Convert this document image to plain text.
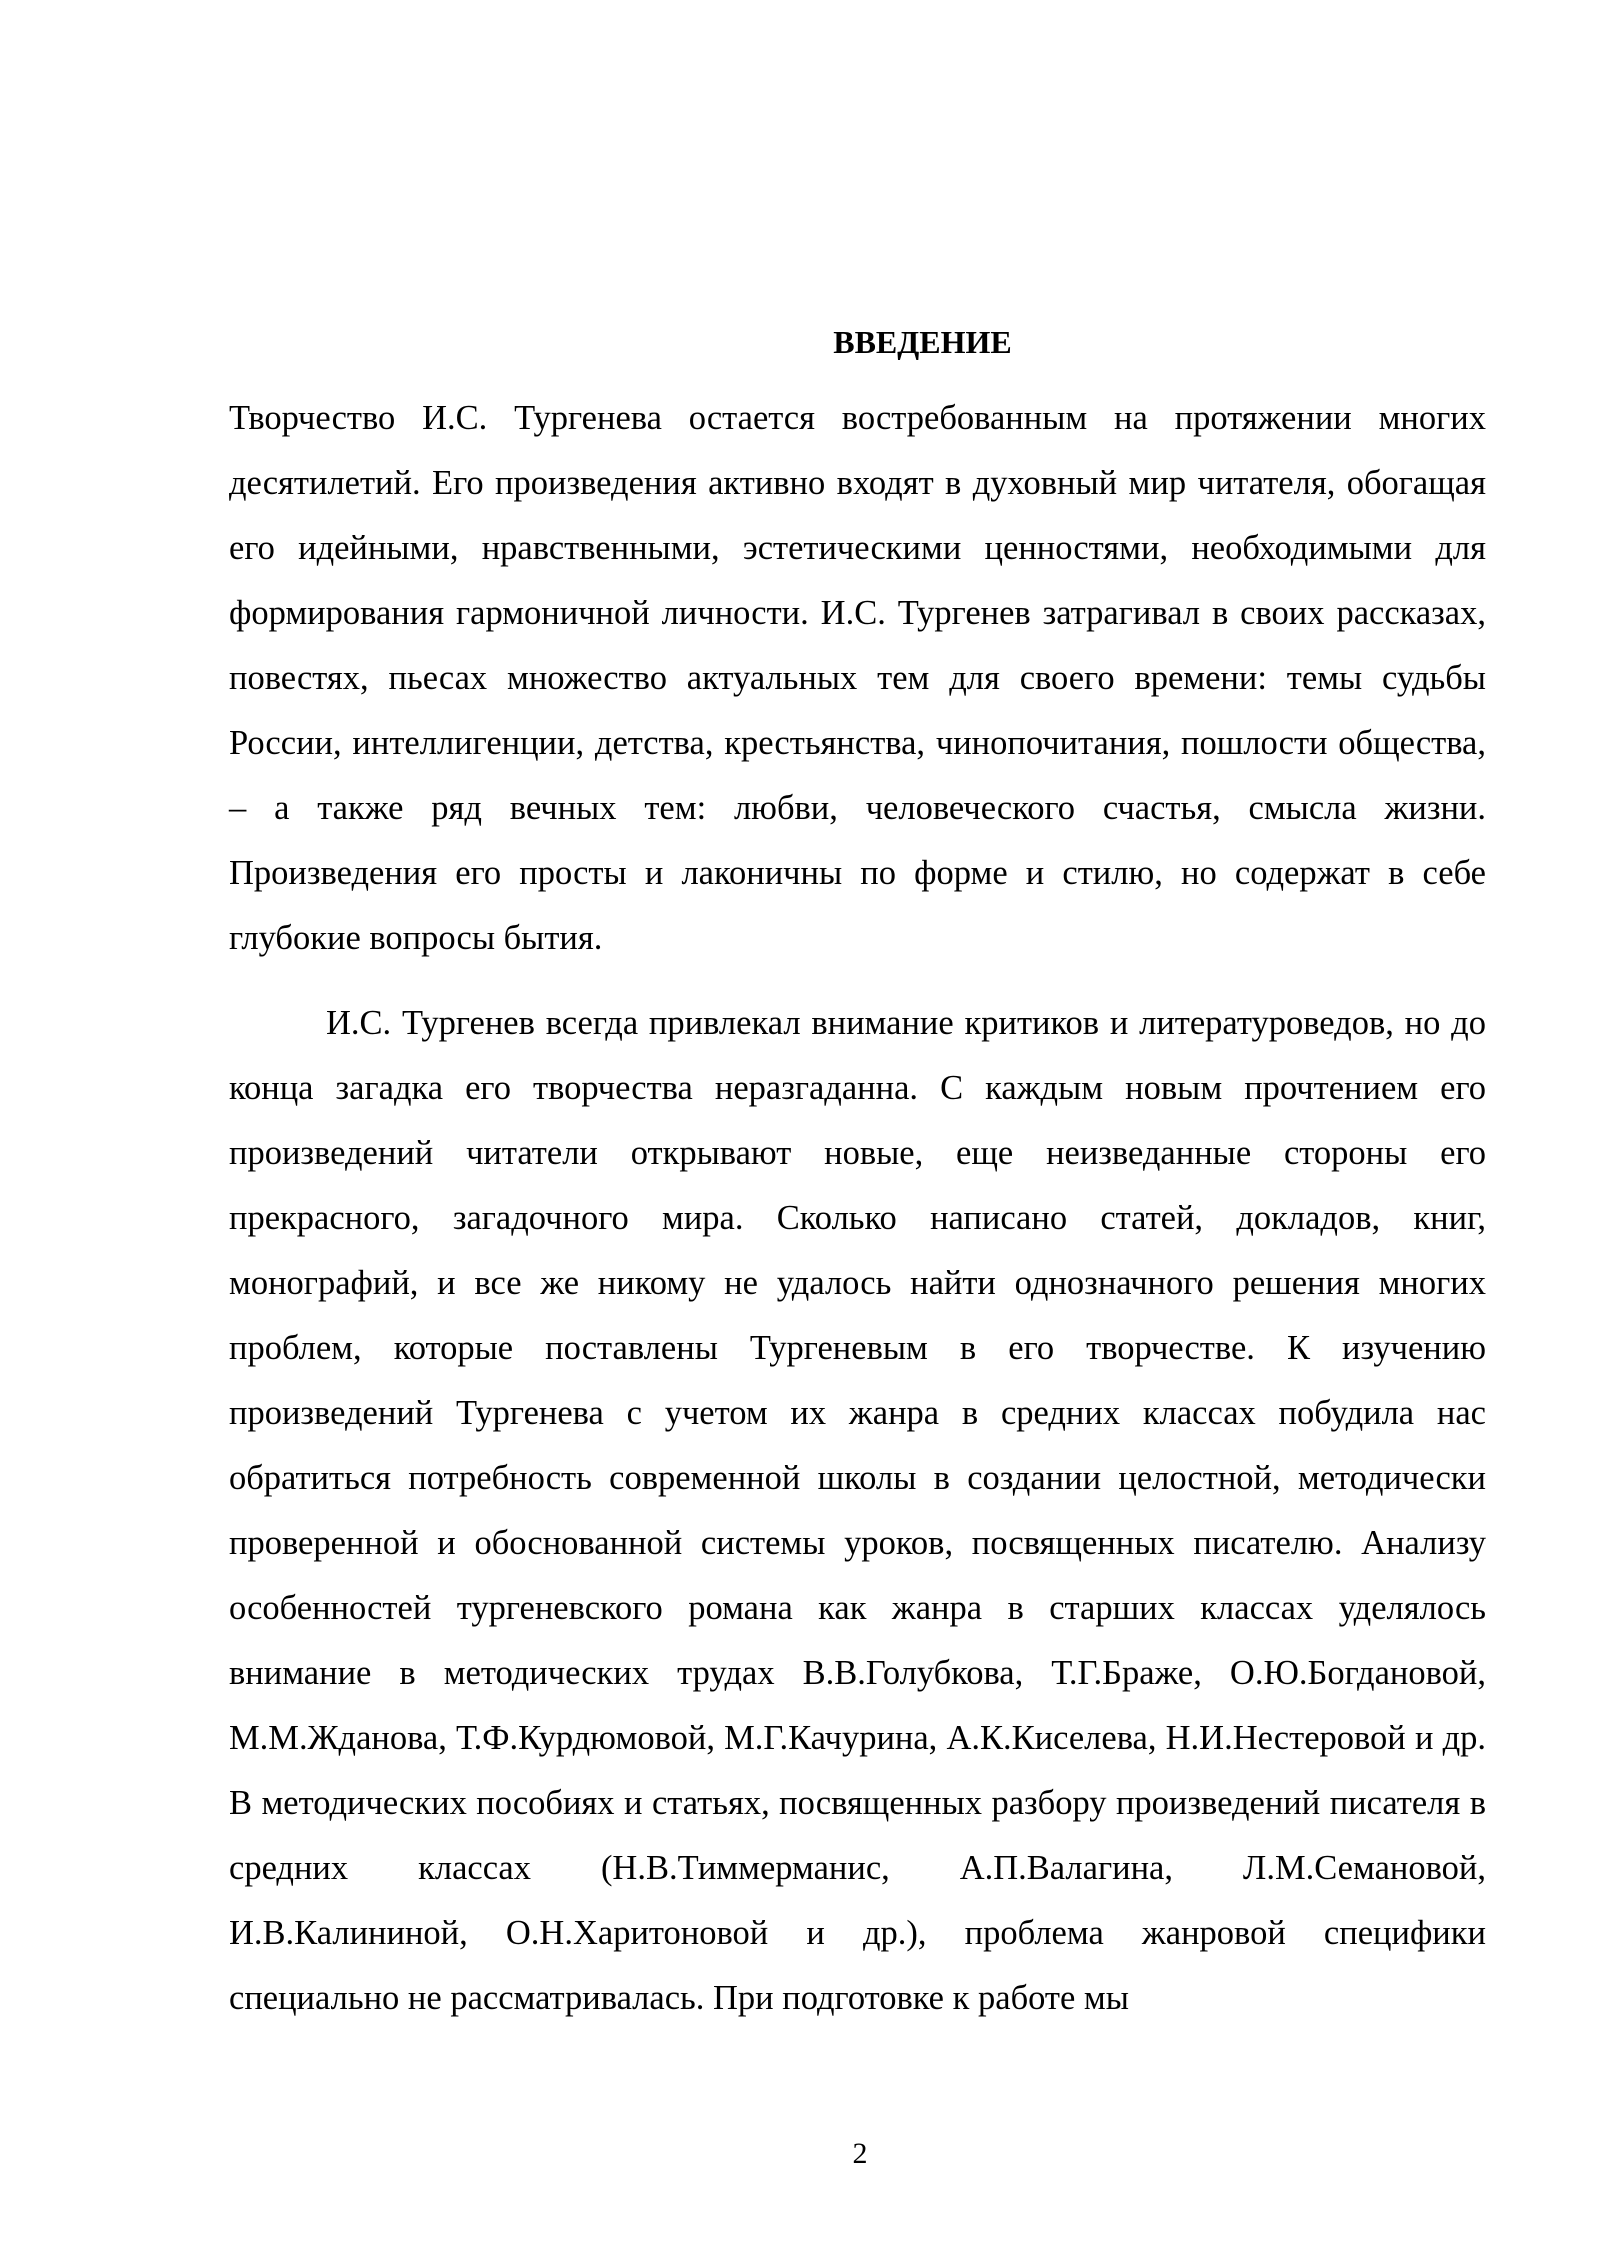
ВВЕДЕНИЕ

Творчество И.С. Тургенева остается востребованным на протяжении многих десятилетий. Его произведения активно входят в духовный мир читателя, обогащая его идейными, нравственными, эстетическими ценностями, необходимыми для формирования гармоничной личности. И.С. Тургенев затрагивал в своих рассказах, повестях, пьесах множество актуальных тем для своего времени: темы судьбы России, интеллигенции, детства, крестьянства, чинопочитания, пошлости общества, – а также ряд вечных тем: любви, человеческого счастья, смысла жизни. Произведения его просты и лаконичны по форме и стилю, но содержат в себе глубокие вопросы бытия.

И.С. Тургенев всегда привлекал внимание критиков и литературоведов, но до конца загадка его творчества неразгаданна. С каждым новым прочтением его произведений читатели открывают новые, еще неизведанные стороны его прекрасного, загадочного мира. Сколько написано статей, докладов, книг, монографий, и все же никому не удалось найти однозначного решения многих проблем, которые поставлены Тургеневым в его творчестве. К изучению произведений Тургенева с учетом их жанра в средних классах побудила нас обратиться потребность современной школы в создании целостной, методически проверенной и обоснованной системы уроков, посвященных писателю. Анализу особенностей тургеневского романа как жанра в старших классах уделялось внимание в методических трудах В.В.Голубкова, Т.Г.Браже, О.Ю.Богдановой, М.М.Жданова, Т.Ф.Курдюмовой, М.Г.Качурина, А.К.Киселева, Н.И.Нестеровой и др. В методических пособиях и статьях, посвященных разбору произведений писателя в средних классах (Н.В.Тиммерманис, А.П.Валагина, Л.М.Семановой, И.В.Калининой, О.Н.Харитоновой и др.), проблема жанровой специфики специально не рассматривалась. При подготовке к работе мы

2
